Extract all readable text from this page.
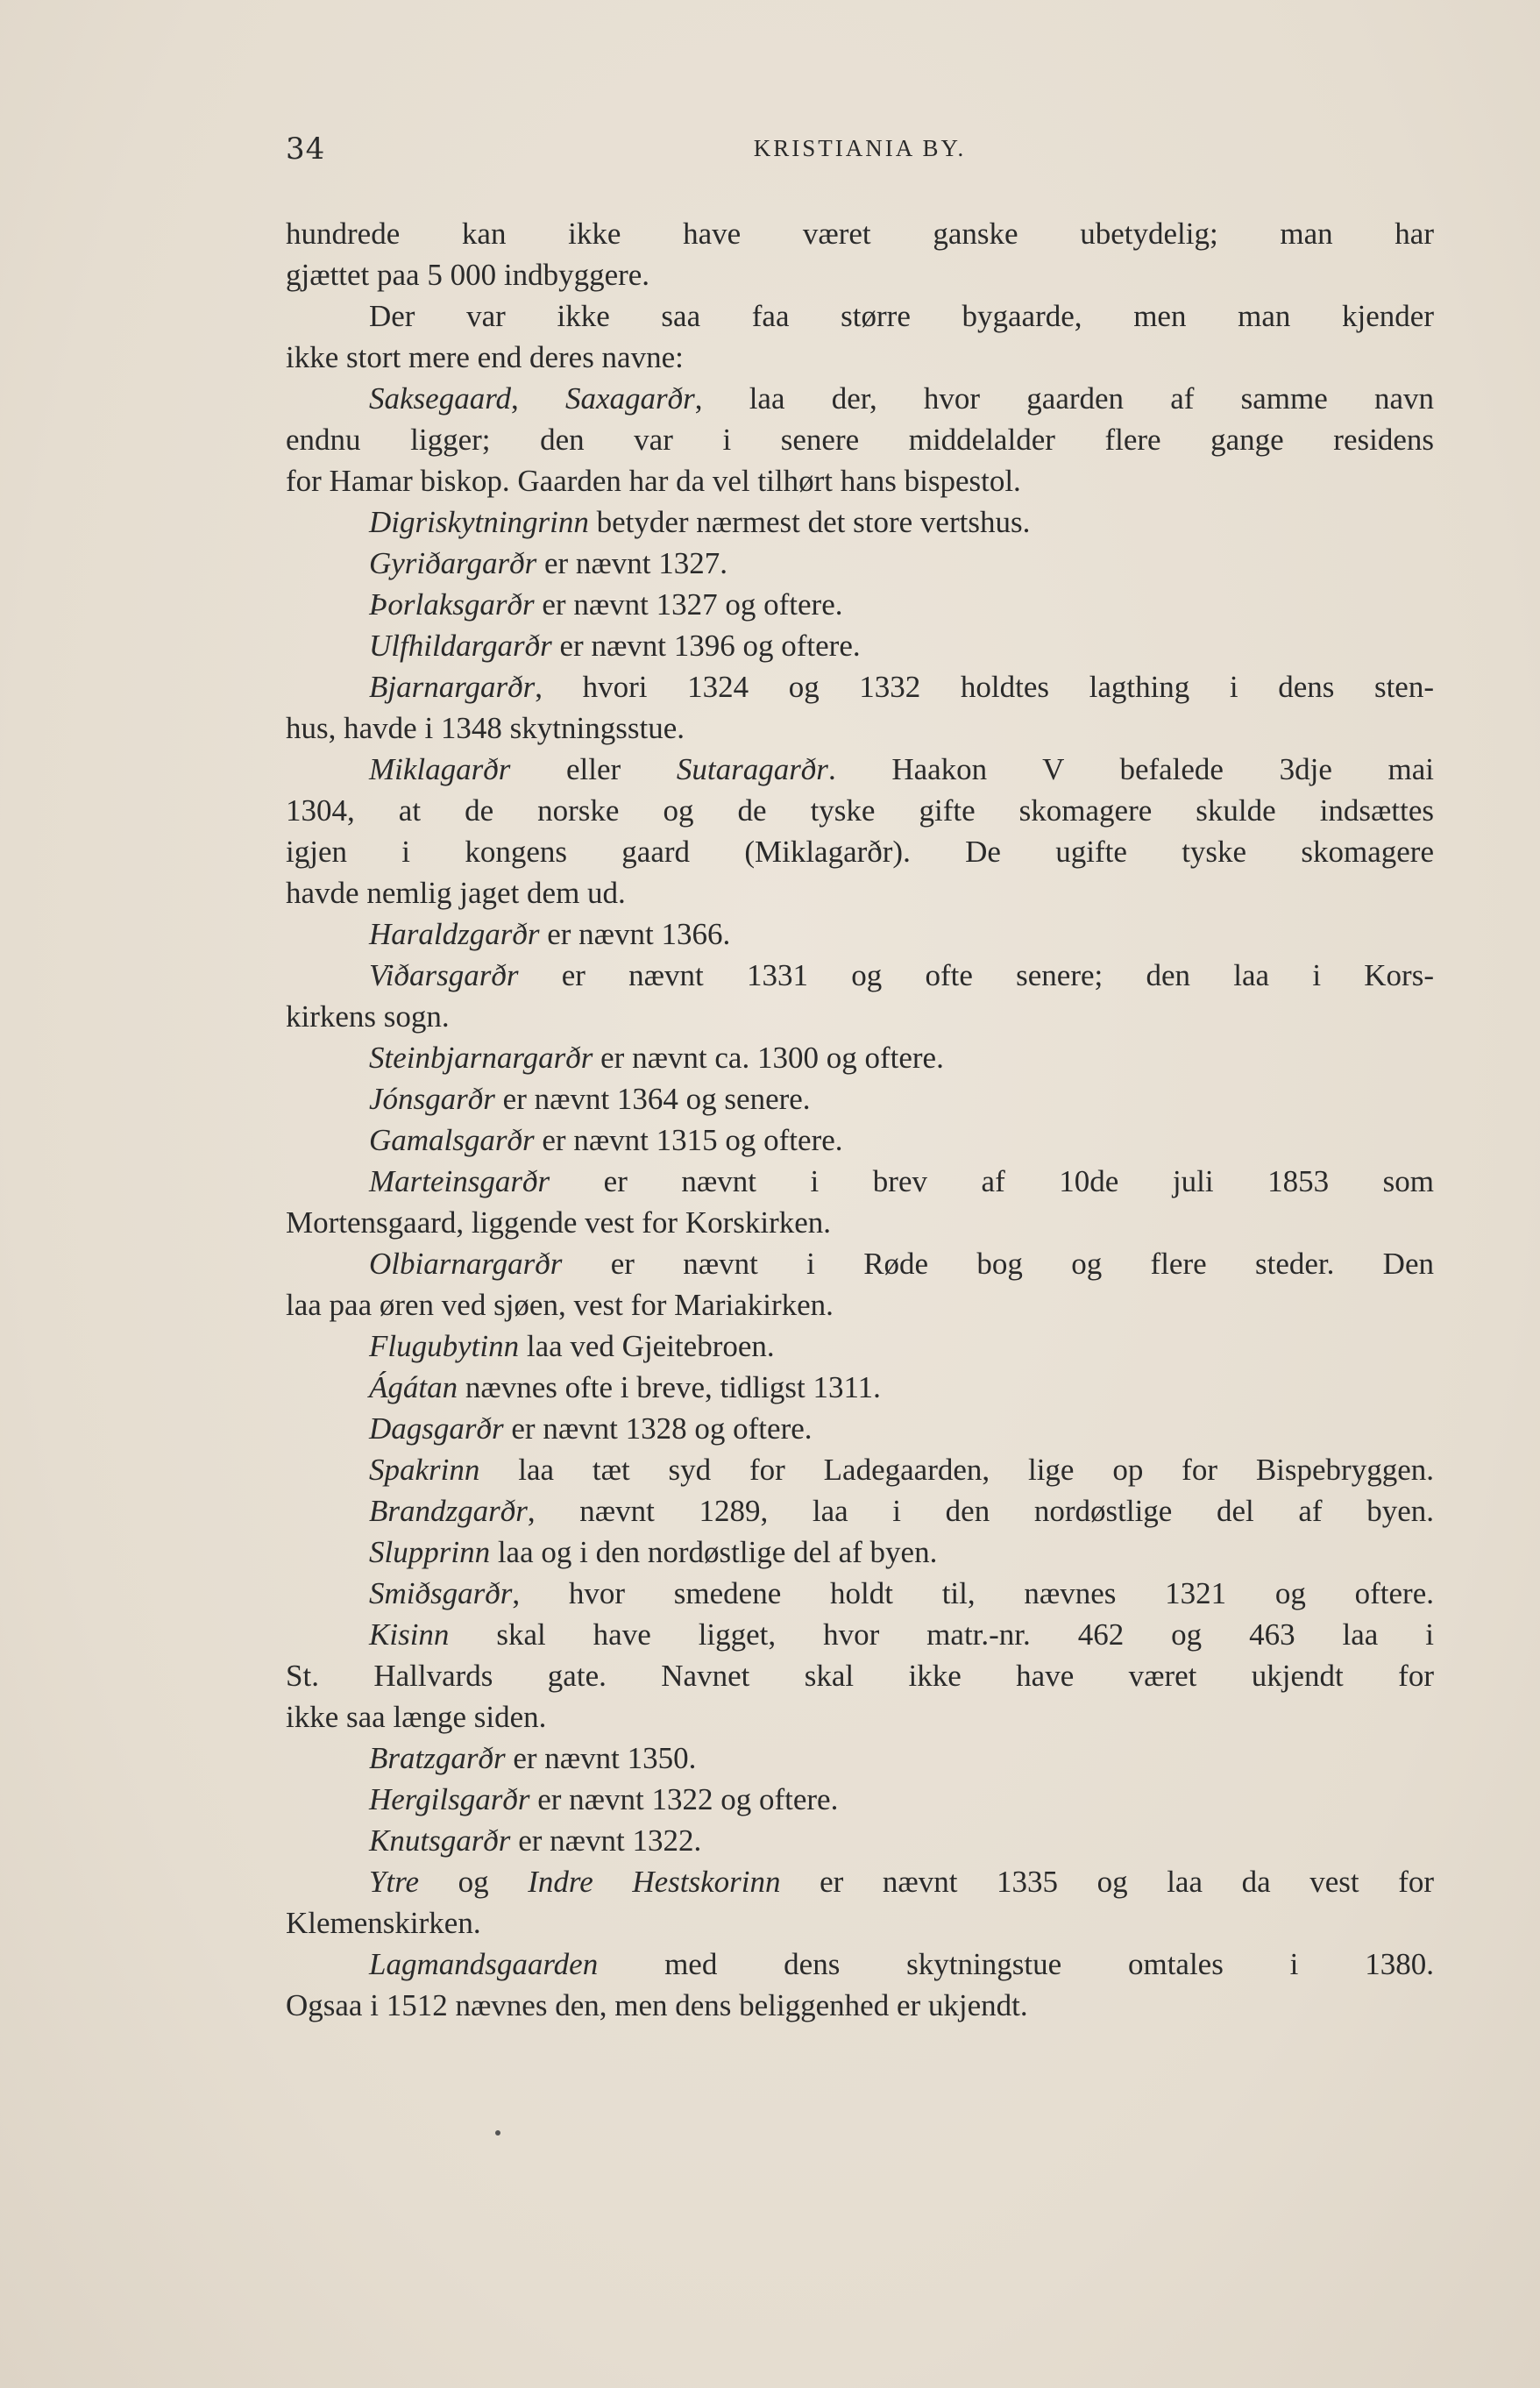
34	KRISTIANIA BY.
hundrede kan ikke have været ganske ubetydelig; man har
gjættet paa 5 000 indbyggere.
Der var ikke saa faa større bygaarde, men man kjender
ikke stort mere end deres navne:
Saksegaard, Saxagarðr, laa der, hvor gaarden af samme navn
endnu ligger; den var i senere middelalder flere gange residens
for Hamar biskop. Gaarden har da vel tilhørt hans bispestol.
Digriskytningrinn betyder nærmest det store vertshus.
Gyriðargarðr er nævnt 1327.
Þorlaksgarðr er nævnt 1327 og oftere.
Ulfhildargarðr er nævnt 1396 og oftere.
Bjarnargarðr, hvori 1324 og 1332 holdtes lagthing i dens sten-
hus, havde i 1348 skytningsstue.
Miklagarðr eller Sutaragarðr. Haakon V befalede 3dje mai
1304, at de norske og de tyske gifte skomagere skulde indsættes
igjen i kongens gaard (Miklagarðr). De ugifte tyske skomagere
havde nemlig jaget dem ud.
Haraldzgarðr er nævnt 1366.
Viðarsgarðr er nævnt 1331 og ofte senere; den laa i Kors-
kirkens sogn.
Steinbjarnargarðr er nævnt ca. 1300 og oftere.
Jónsgarðr er nævnt 1364 og senere.
Gamalsgarðr er nævnt 1315 og oftere.
Marteinsgarðr er nævnt i brev af 10de juli 1853 som
Mortensgaard, liggende vest for Korskirken.
Olbiarnargarðr er nævnt i Røde bog og flere steder. Den
laa paa øren ved sjøen, vest for Mariakirken.
Flugubytinn laa ved Gjeitebroen.
Ágátan nævnes ofte i breve, tidligst 1311.
Dagsgarðr er nævnt 1328 og oftere.
Spakrinn laa tæt syd for Ladegaarden, lige op for Bispebryggen.
Brandzgarðr, nævnt 1289, laa i den nordøstlige del af byen.
Slupprinn laa og i den nordøstlige del af byen.
Smiðsgarðr, hvor smedene holdt til, nævnes 1321 og oftere.
Kisinn skal have ligget, hvor matr.-nr. 462 og 463 laa i
St. Hallvards gate. Navnet skal ikke have været ukjendt for
ikke saa længe siden.
Bratzgarðr er nævnt 1350.
Hergilsgarðr er nævnt 1322 og oftere.
Knutsgarðr er nævnt 1322.
Ytre og Indre Hestskorinn er nævnt 1335 og laa da vest for
Klemenskirken.
Lagmandsgaarden med dens skytningstue omtales i 1380.
Ogsaa i 1512 nævnes den, men dens beliggenhed er ukjendt.
